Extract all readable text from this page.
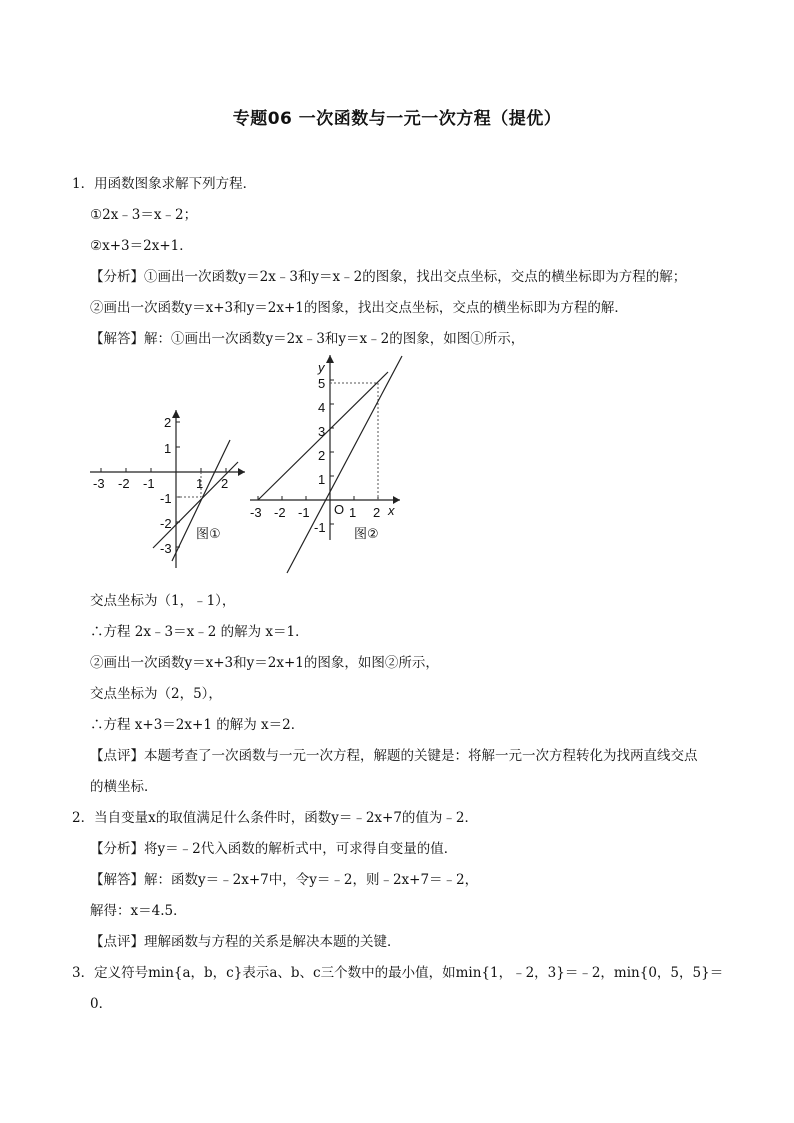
专题06 一次函数与一元一次方程（提优）
1．用函数图象求解下列方程．
①2x﹣3＝x﹣2；
②x+3＝2x+1．
【分析】①画出一次函数y＝2x﹣3和y＝x﹣2的图象，找出交点坐标，交点的横坐标即为方程的解；
②画出一次函数y＝x+3和y＝2x+1的图象，找出交点坐标，交点的横坐标即为方程的解．
【解答】解：①画出一次函数y＝2x﹣3和y＝x﹣2的图象，如图①所示，
-3 -2 -1	1 2
2
1
-1
-2
-3
图①
-3 -2 -1	1 2
O	x
y
5
4
3
2
1
-1 图②
交点坐标为（1，﹣1），
∴方程 2x﹣3＝x﹣2 的解为 x＝1．
②画出一次函数y＝x+3和y＝2x+1的图象，如图②所示，
交点坐标为（2，5），
∴方程 x+3＝2x+1 的解为 x＝2．
【点评】本题考查了一次函数与一元一次方程，解题的关键是：将解一元一次方程转化为找两直线交点
的横坐标．
2．当自变量x的取值满足什么条件时，函数y＝﹣2x+7的值为﹣2．
【分析】将y＝﹣2代入函数的解析式中，可求得自变量的值．
【解答】解：函数y＝﹣2x+7中，令y＝﹣2，则﹣2x+7＝﹣2，
解得：x＝4.5．
【点评】理解函数与方程的关系是解决本题的关键．
3．定义符号min{a，b，c}表示a、b、c三个数中的最小值，如min{1，﹣2，3}＝﹣2，min{0，5，5}＝
0．
